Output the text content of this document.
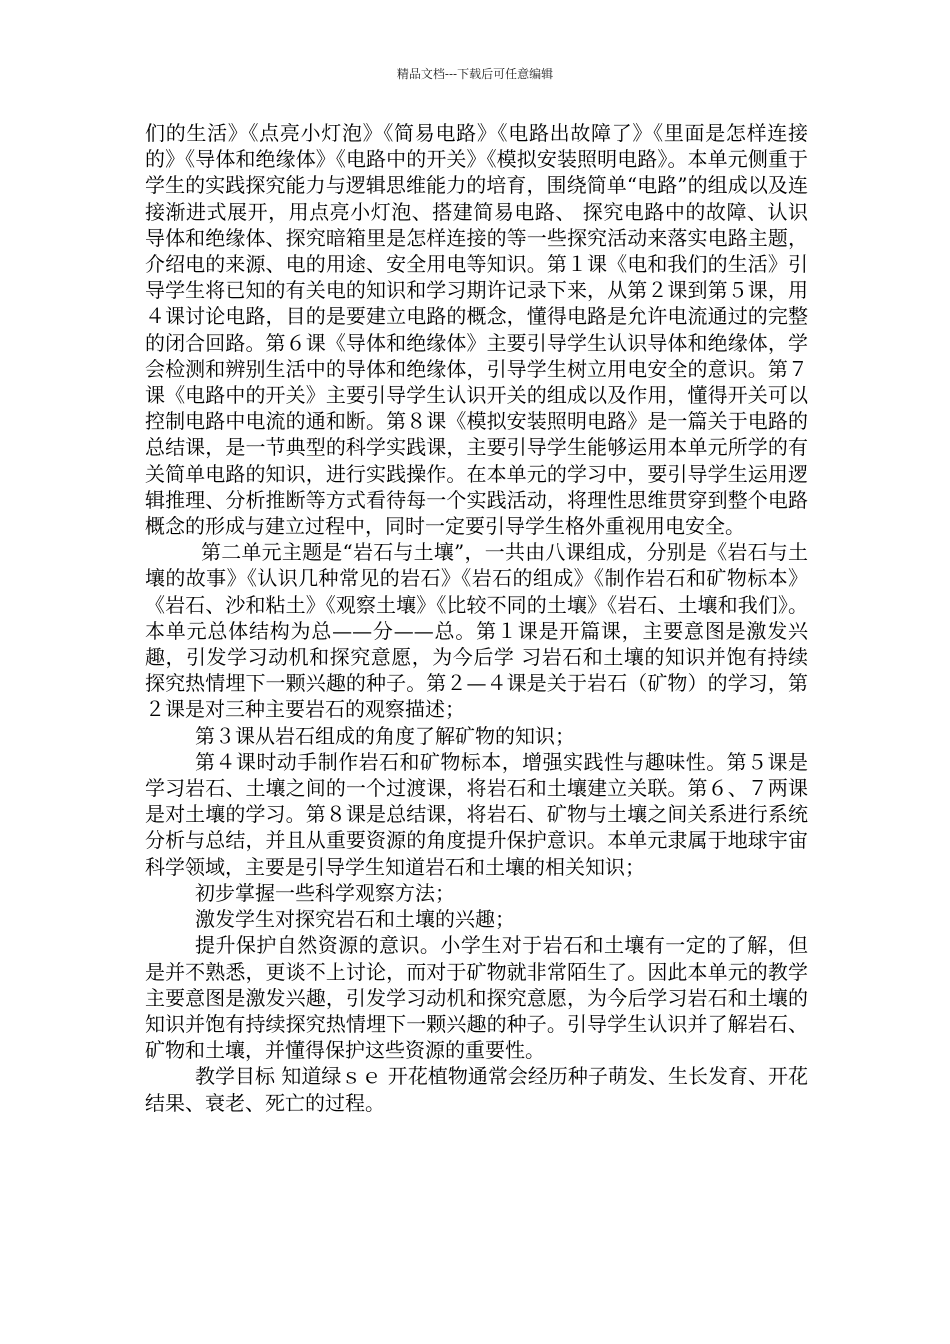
精品文档---下载后可任意编辑

们的生活》《点亮小灯泡》《简易电路》《电路出故障了》《里面是怎样连接的》《导体和绝缘体》《电路中的开关》《模拟安装照明电路》。本单元侧重于学生的实践探究能力与逻辑思维能力的培育，围绕简单“电路”的组成以及连接渐进式展开，用点亮小灯泡、搭建简易电路、 探究电路中的故障、认识导体和绝缘体、探究暗箱里是怎样连接的等一些探究活动来落实电路主题，介绍电的来源、电的用途、安全用电等知识。第１课《电和我们的生活》引导学生将已知的有关电的知识和学习期许记录下来，从第２课到第５课，用４课讨论电路，目的是要建立电路的概念，懂得电路是允许电流通过的完整的闭合回路。第６课《导体和绝缘体》主要引导学生认识导体和绝缘体，学会检测和辨别生活中的导体和绝缘体，引导学生树立用电安全的意识。第７课《电路中的开关》主要引导学生认识开关的组成以及作用，懂得开关可以控制电路中电流的通和断。第８课《模拟安装照明电路》是一篇关于电路的总结课，是一节典型的科学实践课，主要引导学生能够运用本单元所学的有关简单电路的知识，进行实践操作。在本单元的学习中，要引导学生运用逻辑推理、分析推断等方式看待每一个实践活动，将理性思维贯穿到整个电路概念的形成与建立过程中，同时一定要引导学生格外重视用电安全。

第二单元主题是“岩石与土壤”，一共由八课组成，分别是《岩石与土壤的故事》《认识几种常见的岩石》《岩石的组成》《制作岩石和矿物标本》《岩石、沙和粘土》《观察土壤》《比较不同的土壤》《岩石、土壤和我们》。本单元总体结构为总——分——总。第１课是开篇课，主要意图是激发兴趣，引发学习动机和探究意愿，为今后学 习岩石和土壤的知识并饱有持续探究热情埋下一颗兴趣的种子。第２—４课是关于岩石（矿物）的学习，第２课是对三种主要岩石的观察描述；

第３课从岩石组成的角度了解矿物的知识；

第４课时动手制作岩石和矿物标本，增强实践性与趣味性。第５课是学习岩石、土壤之间的一个过渡课，将岩石和土壤建立关联。第６、７两课是对土壤的学习。第８课是总结课，将岩石、矿物与土壤之间关系进行系统分析与总结，并且从重要资源的角度提升保护意识。本单元隶属于地球宇宙科学领域，主要是引导学生知道岩石和土壤的相关知识；

初步掌握一些科学观察方法；

激发学生对探究岩石和土壤的兴趣；

提升保护自然资源的意识。小学生对于岩石和土壤有一定的了解，但是并不熟悉，更谈不上讨论，而对于矿物就非常陌生了。因此本单元的教学主要意图是激发兴趣，引发学习动机和探究意愿，为今后学习岩石和土壤的知识并饱有持续探究热情埋下一颗兴趣的种子。引导学生认识并了解岩石、矿物和土壤，并懂得保护这些资源的重要性。

教学目标 知道绿ｓｅ 开花植物通常会经历种子萌发、生长发育、开花结果、衰老、死亡的过程。
